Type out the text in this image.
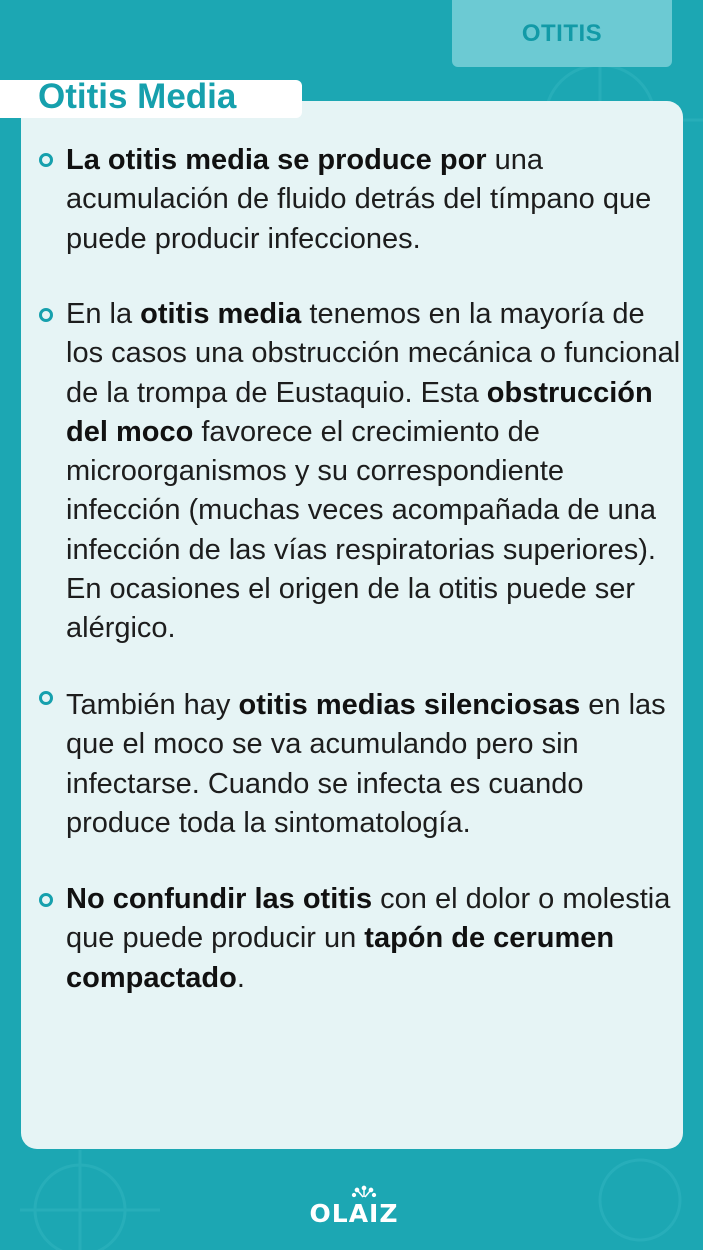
OTITIS
Otitis Media

La otitis media se produce por una acumulación de fluido detrás del tímpano que puede producir infecciones.

En la otitis media tenemos en la mayoría de los casos una obstrucción mecánica o funcional de la trompa de Eustaquio. Esta obstrucción del moco favorece el crecimiento de microorganismos y su correspondiente infección (muchas veces acompañada de una infección de las vías respiratorias superiores). En ocasiones el origen de la otitis puede ser alérgico.

También hay otitis medias silenciosas en las que el moco se va acumulando pero sin infectarse. Cuando se infecta es cuando produce toda la sintomatología.

No confundir las otitis con el dolor o molestia que puede producir un tapón de cerumen compactado.

OLAIZ
